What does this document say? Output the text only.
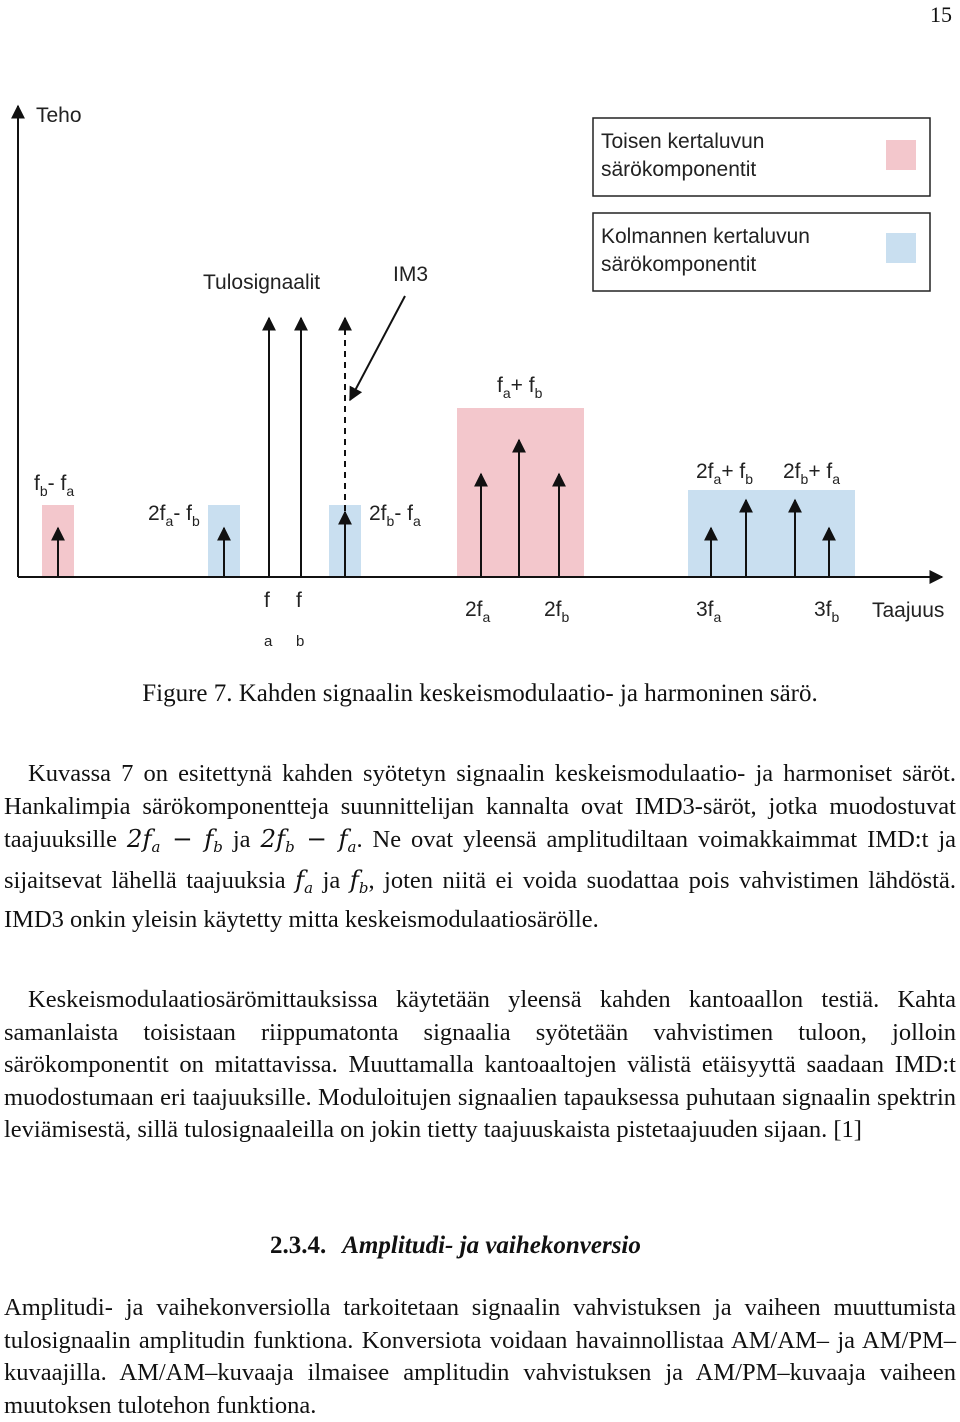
15
Toisen kertaluvun
särökomponentit
Kolmannen kertaluvun
särökomponentit
Teho
Taajuus
Tulosignaalit	IM3
$f_b-$ $f_a$
$2f_a-$ $f_b$	$2f_b-$ $f_a$
$f_a+ f_b$
$2f_a+ f_b$ $2f_b+ f_a$
f
a
f
b
$2f_a$	$2f_b$	$3f_a$	$3f_b$
Figure 7. Kahden signaalin keskeismodulaatio- ja harmoninen särö.

Kuvassa 7 on esitettynä kahden syötetyn signaalin keskeismodulaatio- ja harmoniset säröt. Hankalimpia särökomponentteja suunnittelijan kannalta ovat IMD3-säröt, jotka muodostuvat taajuuksille $2f_a - f_b$ ja $2f_b - f_a$. Ne ovat yleensä amplitudiltaan voimakkaimmat IMD:t ja sijaitsevat lähellä taajuuksia $f_a$ ja $f_b$, joten niitä ei voida suodattaa pois vahvistimen lähdöstä. IMD3 onkin yleisin käytetty mitta keskeismodulaatiosärölle.

Keskeismodulaatiosärömittauksissa käytetään yleensä kahden kantoaallon testiä. Kahta samanlaista toisistaan riippumatonta signaalia syötetään vahvistimen tuloon, jolloin särökomponentit on mitattavissa. Muuttamalla kantoaaltojen välistä etäisyyttä saadaan IMD:t muodostumaan eri taajuuksille. Moduloitujen signaalien tapauksessa puhutaan signaalin spektrin leviämisestä, sillä tulosignaaleilla on jokin tietty taajuuskaista pistetaajuuden sijaan. [1]

2.3.4. Amplitudi- ja vaihekonversio

Amplitudi- ja vaihekonversiolla tarkoitetaan signaalin vahvistuksen ja vaiheen muuttumista tulosignaalin amplitudin funktiona. Konversiota voidaan havainnollistaa AM/AM– ja AM/PM–kuvaajilla. AM/AM–kuvaaja ilmaisee amplitudin vahvistuksen ja AM/PM–kuvaaja vaiheen muutoksen tulotehon funktiona.
